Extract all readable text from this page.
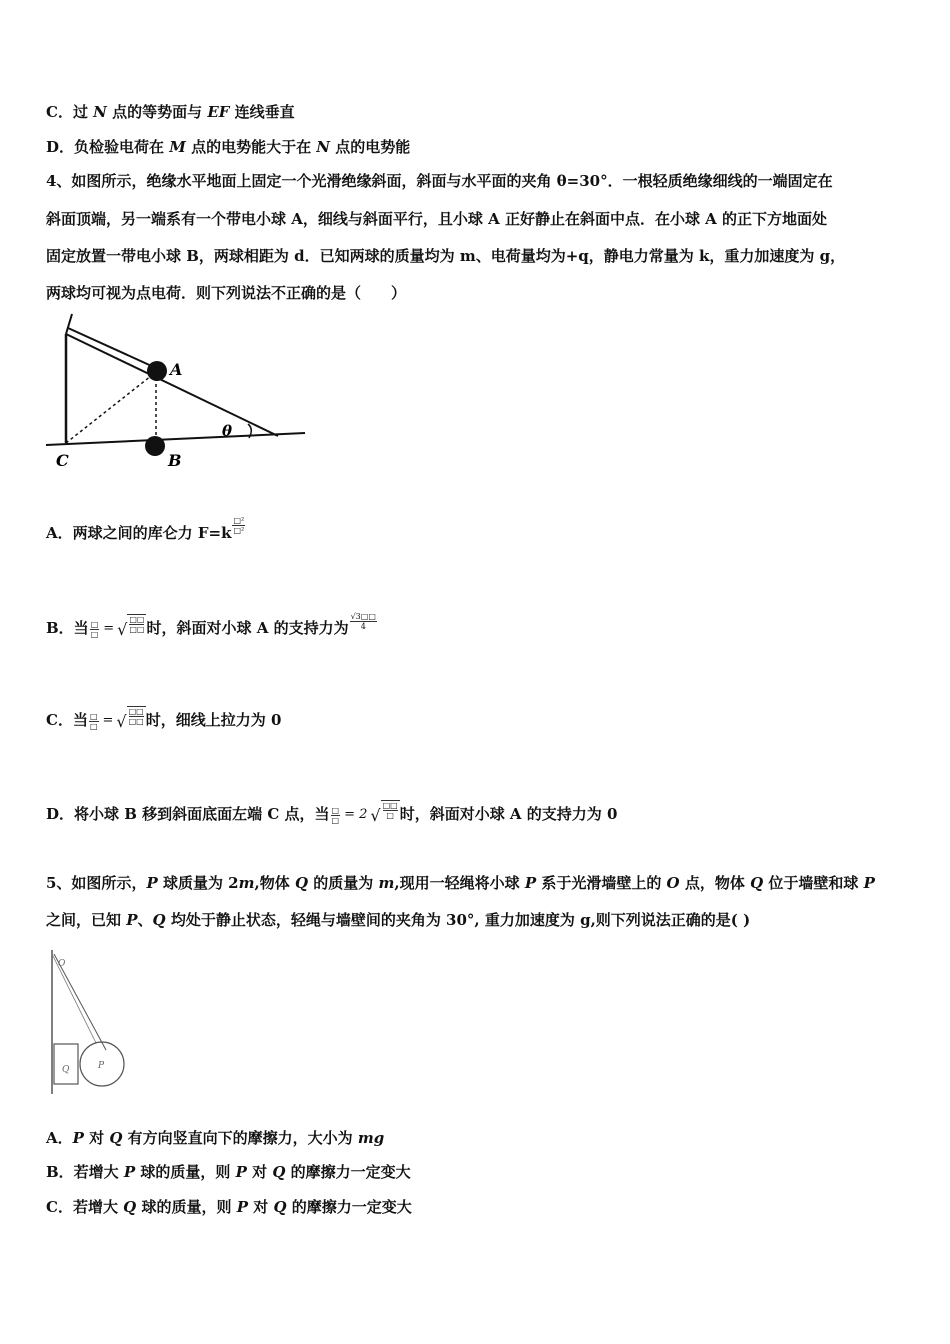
C．过 N 点的等势面与 EF 连线垂直
D．负检验电荷在 M 点的电势能大于在 N 点的电势能
4、如图所示，绝缘水平地面上固定一个光滑绝缘斜面，斜面与水平面的夹角 θ=30°．一根轻质绝缘细线的一端固定在
斜面顶端，另一端系有一个带电小球 A，细线与斜面平行，且小球 A 正好静止在斜面中点．在小球 A 的正下方地面处
固定放置一带电小球 B，两球相距为 d．已知两球的质量均为 m、电荷量均为+q，静电力常量为 k，重力加速度为 g，
两球均可视为点电荷．则下列说法不正确的是（　　）
A
B
C
θ
A．两球之间的库仑力 $F=k \frac{\text{□²}}{\text{□²}}$
B．当 $\frac{□}{□}$ = √
□□
□□ 时，斜面对小球 A 的支持力为 $\frac{√3□□}{4}$
C．当 $\frac{□}{□}$ = √
□□
□□ 时，细线上拉力为 0
D．将小球 B 移到斜面底面左端 C 点，当 $\frac{□}{□} = 2$ √
□□
□ 时，斜面对小球 A 的支持力为 0
5、如图所示，P 球质量为 2m,物体 Q 的质量为 m,现用一轻绳将小球 P 系于光滑墙壁上的 O 点，物体 Q 位于墙壁和球 P
之间，已知 P、Q 均处于静止状态，轻绳与墙壁间的夹角为 30°, 重力加速度为 g,则下列说法正确的是( )
O
Q	P
A．P 对 Q 有方向竖直向下的摩擦力，大小为 mg
B．若增大 P 球的质量，则 P 对 Q 的摩擦力一定变大
C．若增大 Q 球的质量，则 P 对 Q 的摩擦力一定变大
